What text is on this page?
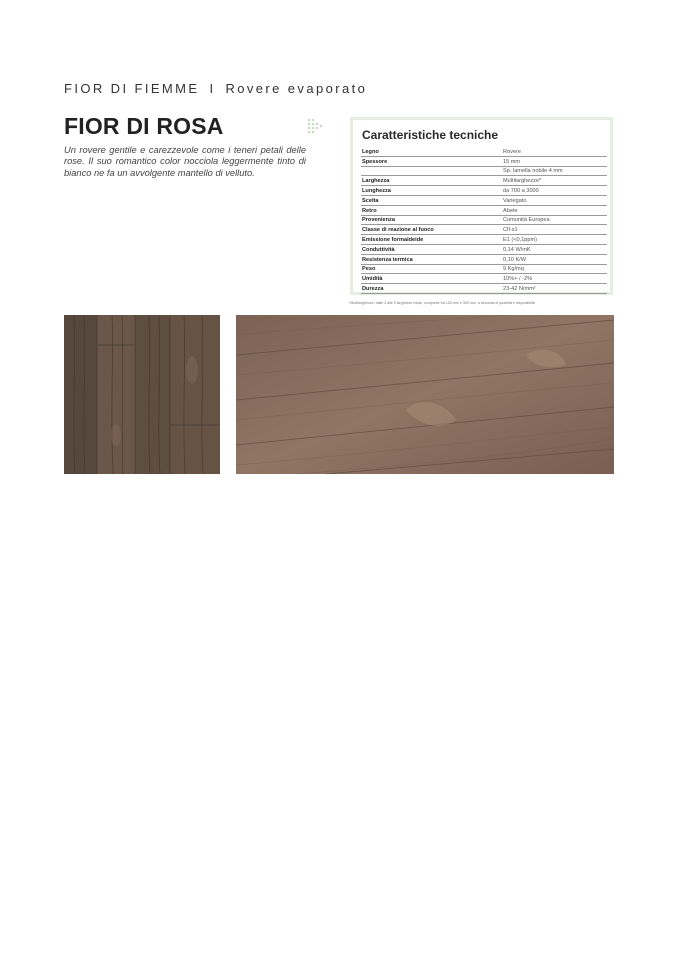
FIOR DI FIEMME I Rovere evaporato
FIOR DI ROSA

Un rovere gentile e carezzevole come i teneri petali delle rose. Il suo romantico color nocciola leggermente tinto di bianco ne fa un avvolgente mantello di velluto.

Caratteristiche tecniche
Legno	Rovere
Spessore	15 mm
	Sp. lamella nobile 4 mm
Larghezza	Multilarghezze*
Lunghezza	da 700 a 3000
Scelta	Variegato
Retro	Abete
Provenienza	Comunità Europea
Classe di reazione al fuoco	Cfl-s1
Emissione formaldeide	E1 (<0,1ppm)
Conduttività	0,14 W/mK
Resistenza termica	0,10 K/W
Peso	9 Kg/mq
Umidità	10%+ / -2%
Durezza	23-42 N/mm²
*Multilarghezze: dalle 3 alle 5 larghezze miste, comprese tra 100 mm e 300 mm, a seconda di quantità e disponibilità
